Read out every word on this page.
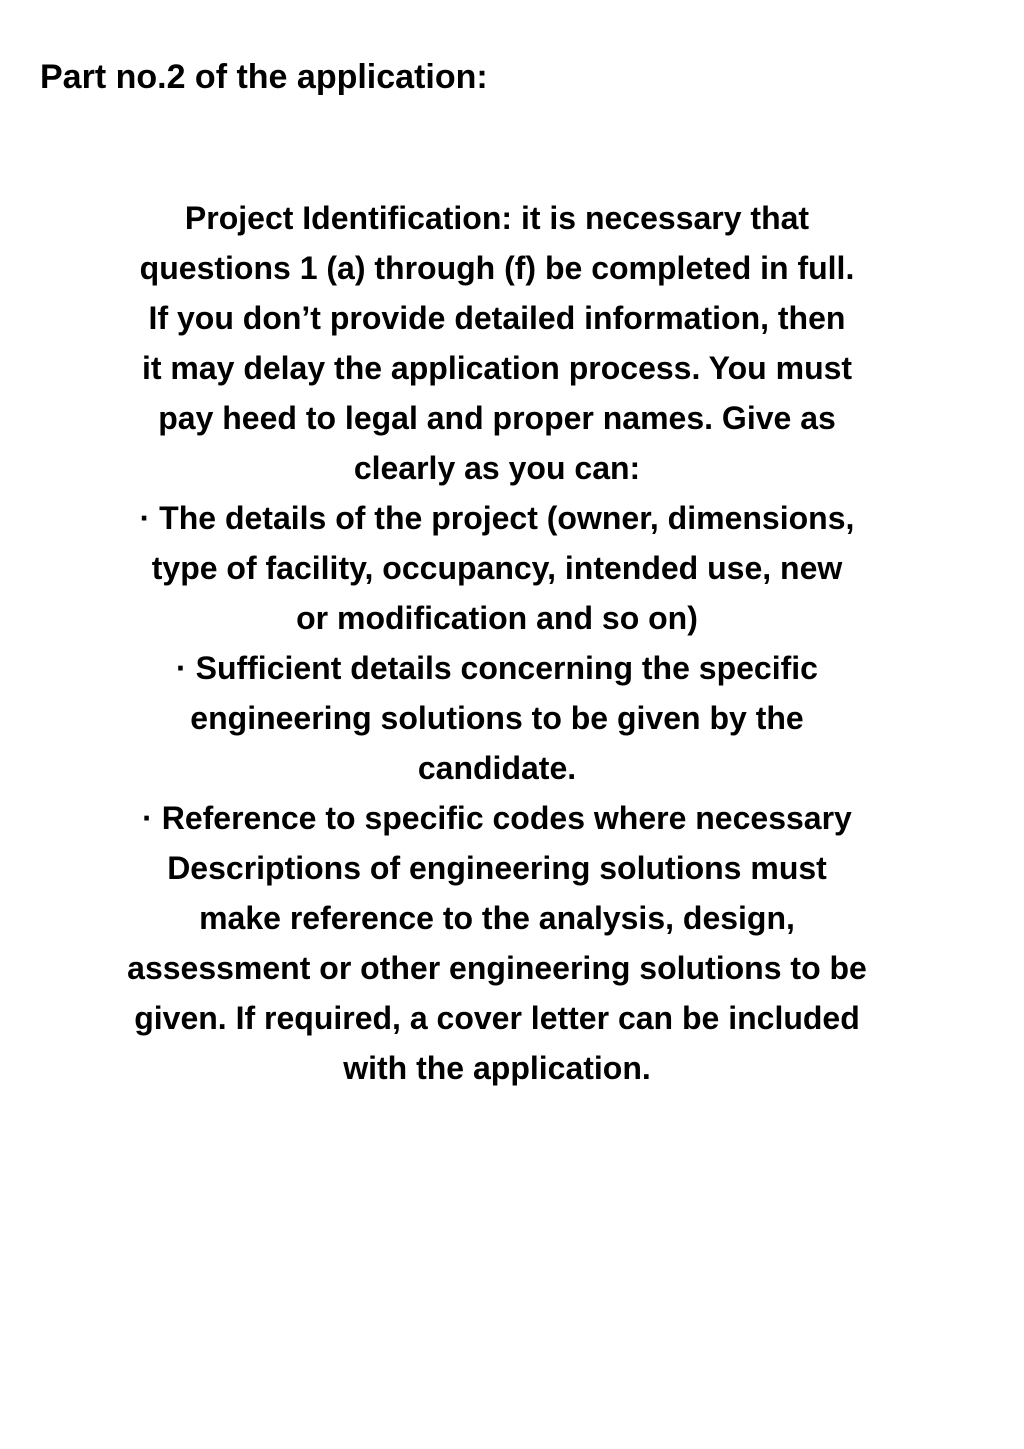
Part no.2 of the application:
Project Identification: it is necessary that
questions 1 (a) through (f) be completed in full.
If you don’t provide detailed information, then
it may delay the application process. You must
pay heed to legal and proper names. Give as
clearly as you can:
· The details of the project (owner, dimensions,
type of facility, occupancy, intended use, new
or modification and so on)
· Sufficient details concerning the specific
engineering solutions to be given by the
candidate.
· Reference to specific codes where necessary
Descriptions of engineering solutions must
make reference to the analysis, design,
assessment or other engineering solutions to be
given. If required, a cover letter can be included
with the application.
